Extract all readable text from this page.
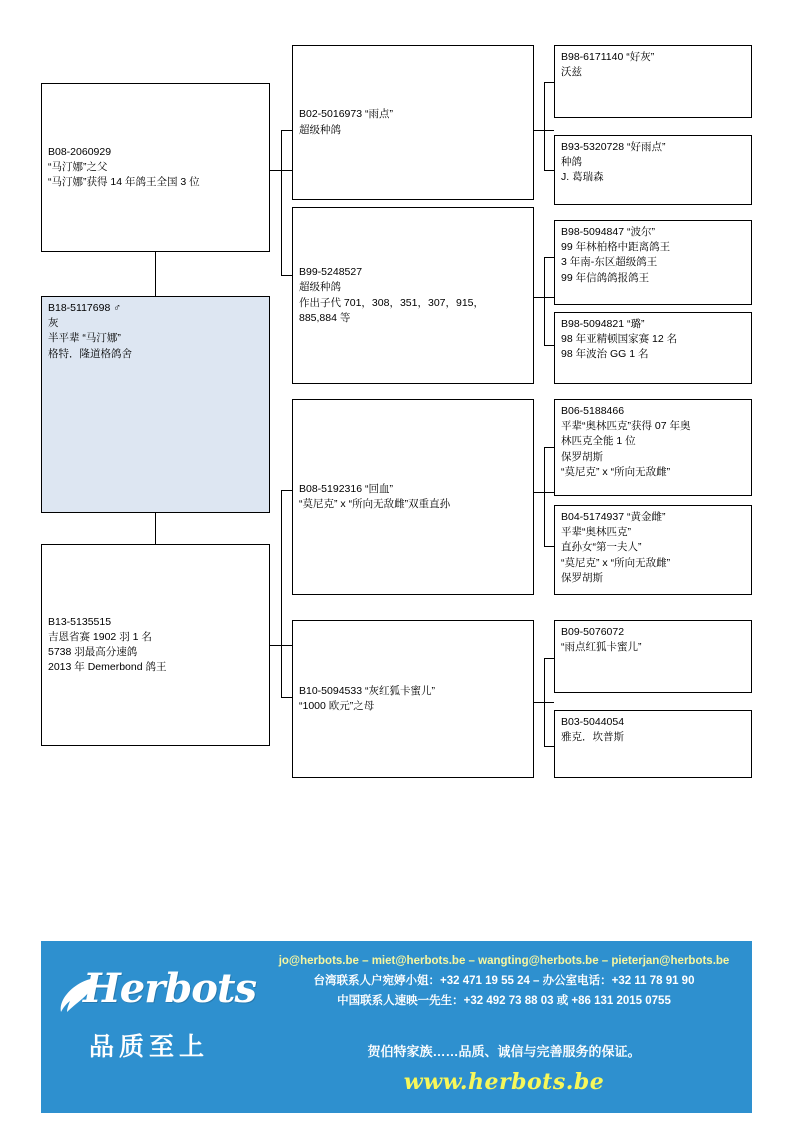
B18-5117698 ♂
灰
半平辈 “马汀娜”
格特．隆道格鸽舍
B08-2060929
“马汀娜”之父
“马汀娜”获得 14 年鸽王全国 3 位
B13-5135515
吉恩省赛 1902 羽 1 名
5738 羽最高分速鸽
2013 年 Demerbond 鸽王
B02-5016973 “雨点”
超级种鸽
B99-5248527
超级种鸽
作出子代 701，308，351，307，915，
885,884 等
B08-5192316 “回血”
“莫尼克” x “所向无敌雌”双重直孙
B10-5094533 “灰红狐卡蜜儿”
“1000 欧元”之母
B98-6171140 “好灰”
沃兹
B93-5320728 “好雨点”
种鸽
J. 葛瑞森
B98-5094847 “波尔”
99 年林柏格中距离鸽王
3 年南-东区超级鸽王
99 年信鸽鸽报鸽王
B98-5094821 “璐”
98 年亚精顿国家赛 12 名
98 年波治 GG 1 名
B06-5188466
平辈“奥林匹克”获得 07 年奥
林匹克全能 1 位
保罗胡斯
“莫尼克” x “所向无敌雌”
B04-5174937 “黄金雌”
平辈“奥林匹克”
直孙女“第一夫人”
“莫尼克” x “所向无敌雌”
保罗胡斯
B09-5076072
“雨点红狐卡蜜儿”
B03-5044054
雅克．坎普斯
Herbots
品质至上
jo@herbots.be – miet@herbots.be – wangting@herbots.be – pieterjan@herbots.be
台湾联系人户宛婷小姐：+32 471 19 55 24 – 办公室电话：+32 11 78 91 90
中国联系人速映一先生：+32 492 73 88 03 或 +86 131 2015 0755
贺伯特家族……品质、诚信与完善服务的保证。
www.herbots.be
